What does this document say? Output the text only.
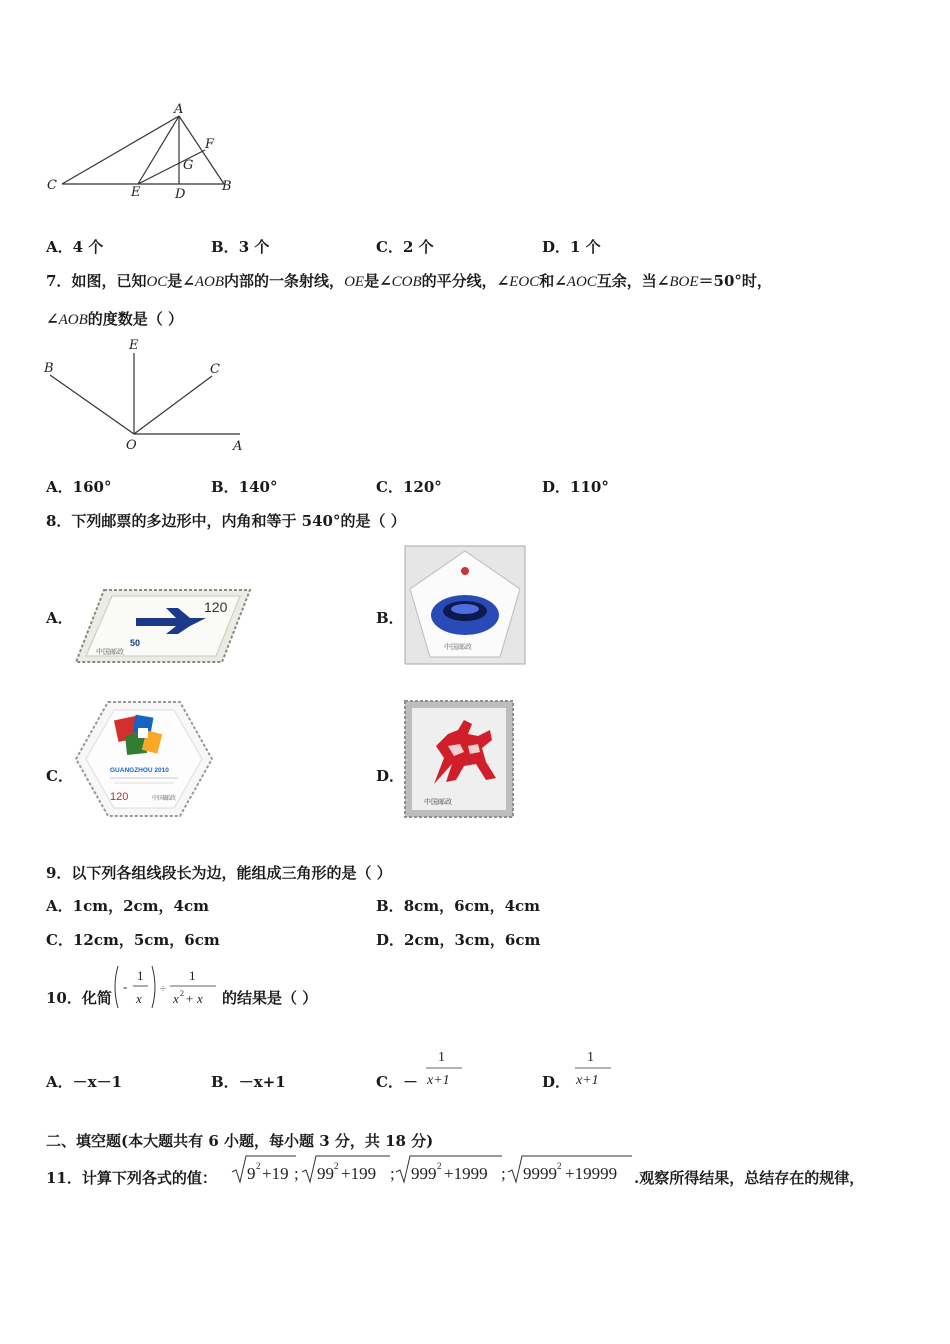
A
F
G
C	E	D
B
A．4 个	B．3 个	C．2 个	D．1 个
7．如图，已知OC是∠AOB内部的一条射线，OE是∠COB的平分线，∠EOC和∠AOC互余，当∠BOE＝50°时，
∠AOB的度数是（ ）
B
E
C
O	A
A．160°	B．140°	C．120°	D．110°
8．下列邮票的多边形中，内角和等于 540°的是（ ）
A．
120
50
中国邮政
B．
中国邮政
C．	GUANGZHOU 2010
120	中国邮政
D．
中国邮政
9．以下列各组线段长为边，能组成三角形的是（ ）
A．1cm，2cm，4cm	B．8cm，6cm，4cm
C．12cm，5cm，6cm	D．2cm，3cm，6cm
10．化简
-
1
x
÷
1
x 2 + x 的结果是（ ）
A．－x－1	B．－x+1	C．－
1
x+1	D．
1
x+1
二、填空题(本大题共有 6 小题，每小题 3 分，共 18 分)
11．计算下列各式的值： 9 2 +19 ; 99 2 +199 ; 999 2 +1999 ; 9999 2 +19999 .观察所得结果，总结存在的规律，
